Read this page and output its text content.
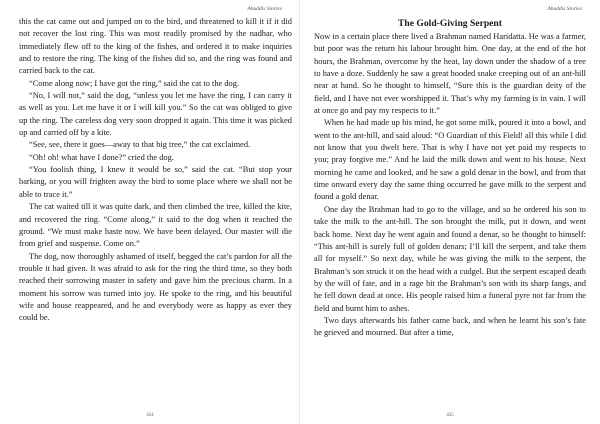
Abuddis Stories

this the cat came out and jumped on to the bird, and threatened to kill it if it did not recover the lost ring. This was most readily promised by the nadhar, who immediately flew off to the king of the fishes, and ordered it to make inquiries and to restore the ring. The king of the fishes did so, and the ring was found and carried back to the cat.

“Come along now; I have got the ring,” said the cat to the dog.

“No, I will not,” said the dog, “unless you let me have the ring. I can carry it as well as you. Let me have it or I will kill you.” So the cat was obliged to give up the ring. The careless dog very soon dropped it again. This time it was picked up and carried off by a kite.

“See, see, there it goes—away to that big tree,” the cat exclaimed.

“Oh! oh! what have I done?” cried the dog.

“You foolish thing, I knew it would be so,” said the cat. “But stop your barking, or you will frighten away the bird to some place where we shall not be able to trace it.”

The cat waited till it was quite dark, and then climbed the tree, killed the kite, and recovered the ring. “Come along,” it said to the dog when it reached the ground. “We must make haste now. We have been delayed. Our master will die from grief and suspense. Come on.”

The dog, now thoroughly ashamed of itself, begged the cat’s pardon for all the trouble it had given. It was afraid to ask for the ring the third time, so they both reached their sorrowing master in safety and gave him the precious charm. In a moment his sorrow was turned into joy. He spoke to the ring, and his beautiful wife and house reappeared, and he and everybody were as happy as ever they could be.

434
Abuddis Stories
The Gold-Giving Serpent

Now in a certain place there lived a Brahman named Haridatta. He was a farmer, but poor was the return his labour brought him. One day, at the end of the hot hours, the Brahman, overcome by the heat, lay down under the shadow of a tree to have a doze. Suddenly he saw a great hooded snake creeping out of an ant-hill near at hand. So he thought to himself, “Sure this is the guardian deity of the field, and I have not ever worshipped it. That’s why my farming is in vain. I will at once go and pay my respects to it.”

When he had made up his mind, he got some milk, poured it into a bowl, and went to the ant-hill, and said aloud: “O Guardian of this Field! all this while I did not know that you dwelt here. That is why I have not yet paid my respects to you; pray forgive me.” And he laid the milk down and went to his house. Next morning he came and looked, and he saw a gold denar in the bowl, and from that time onward every day the same thing occurred he gave milk to the serpent and found a gold denar.

One day the Brahman had to go to the village, and so he ordered his son to take the milk to the ant-hill. The son brought the milk, put it down, and went back home. Next day he went again and found a denar, so he thought to himself: “This ant-hill is surely full of golden denars; I’ll kill the serpent, and take them all for myself.” So next day, while he was giving the milk to the serpent, the Brahman’s son struck it on the head with a cudgel. But the serpent escaped death by the will of fate, and in a rage bit the Brahman’s son with its sharp fangs, and he fell down dead at once. His people raised him a funeral pyre not far from the field and burnt him to ashes.

Two days afterwards his father came back, and when he learnt his son’s fate he grieved and mourned. But after a time,

435
